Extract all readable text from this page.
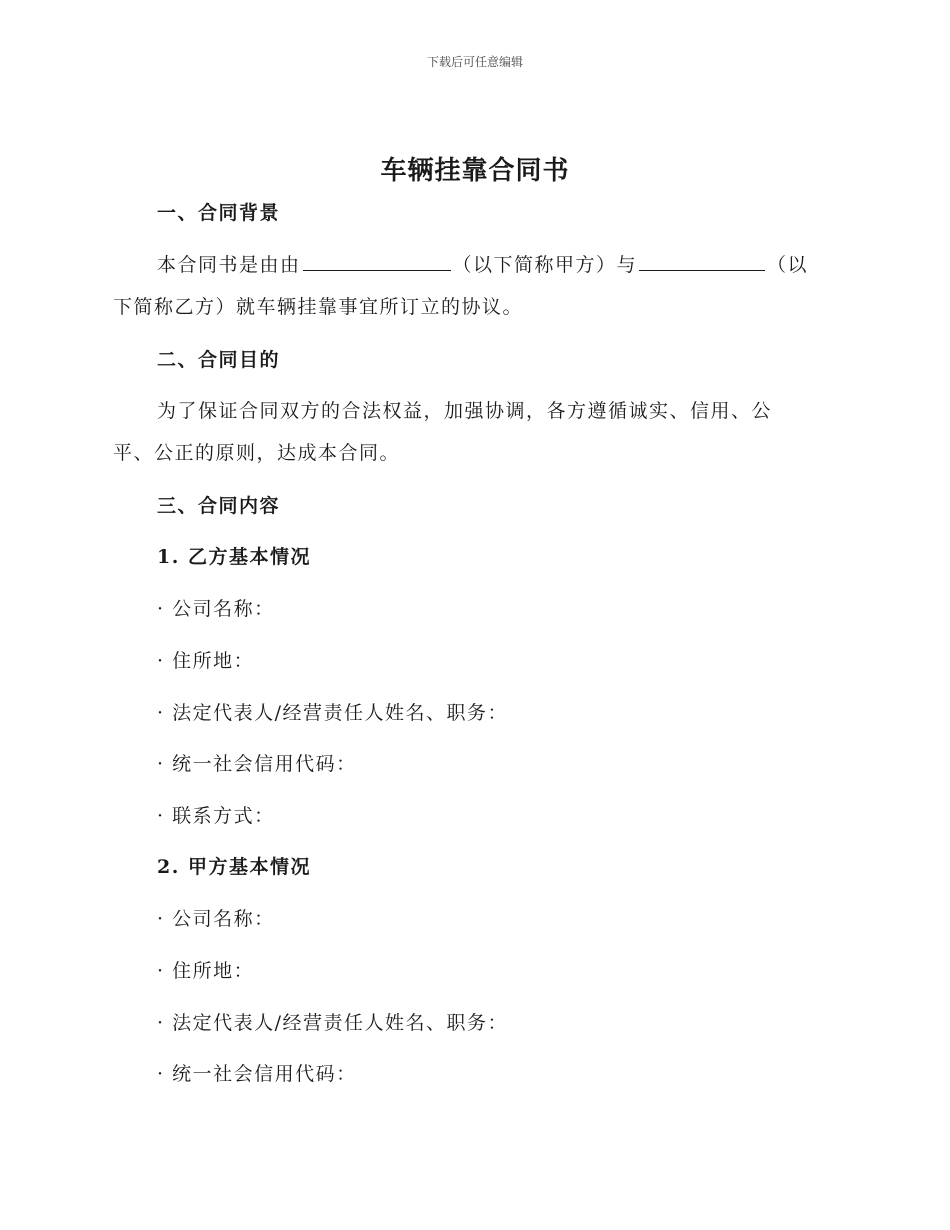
下载后可任意编辑
车辆挂靠合同书
一、合同背景
本合同书是由由	（以下简称甲方）与	（以
下简称乙方）就车辆挂靠事宜所订立的协议。
二、合同目的
为了保证合同双方的合法权益，加强协调，各方遵循诚实、信用、公
平、公正的原则，达成本合同。
三、合同内容
1. 乙方基本情况
· 公司名称：
· 住所地：
· 法定代表人/经营责任人姓名、职务：
· 统一社会信用代码：
· 联系方式：
2. 甲方基本情况
· 公司名称：
· 住所地：
· 法定代表人/经营责任人姓名、职务：
· 统一社会信用代码：
